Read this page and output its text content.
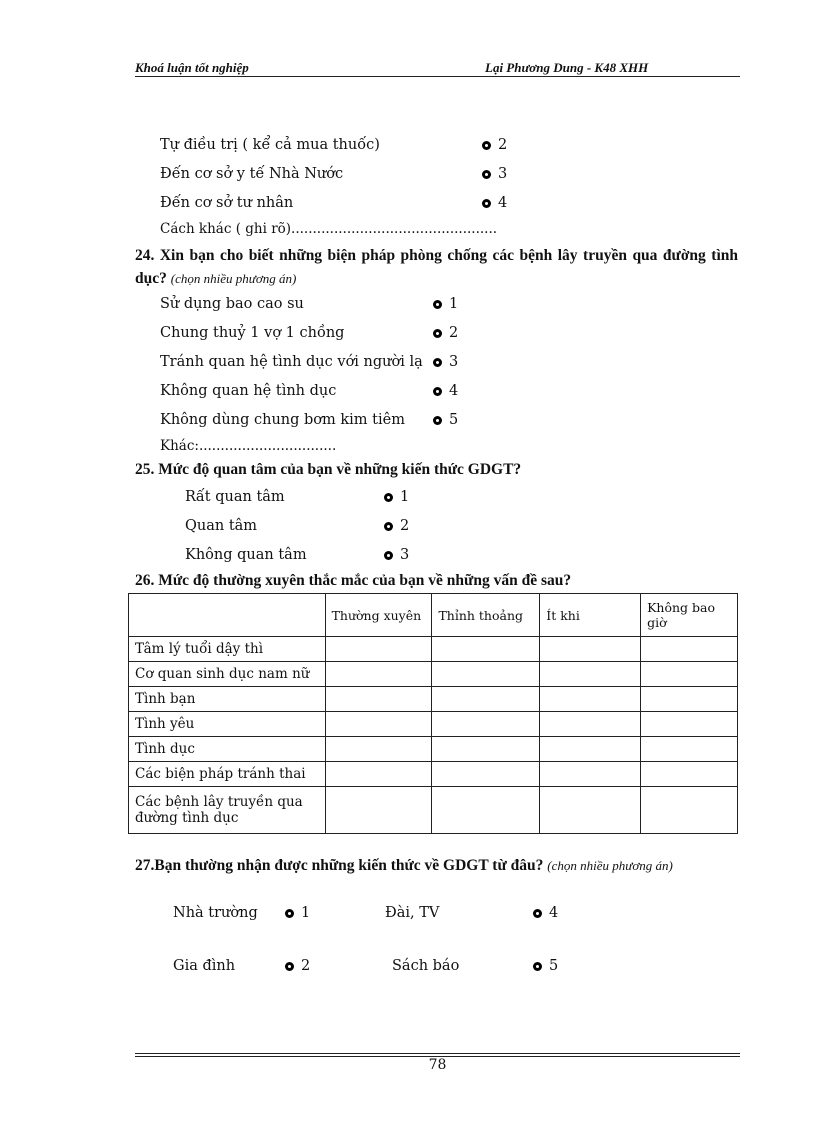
Khoá luận tốt nghiệp	Lại Phương Dung - K48 XHH
Tự điều trị ( kể cả mua thuốc)	2
Đến cơ sở y tế Nhà Nước	3
Đến cơ sở tư nhân	4
Cách khác ( ghi rõ)................................................
24. Xin bạn cho biết những biện pháp phòng chống các bệnh lây truyền qua đường tình dục? (chọn nhiều phương án)
Sử dụng bao cao su	1
Chung thuỷ 1 vợ 1 chồng	2
Tránh quan hệ tình dục với người lạ 3
Không quan hệ tình dục	4
Không dùng chung bơm kim tiêm	5
Khác:................................
25. Mức độ quan tâm của bạn về những kiến thức GDGT?
Rất quan tâm	1
Quan tâm	2
Không quan tâm	3
26. Mức độ thường xuyên thắc mắc của bạn về những vấn đề sau?
	Thường xuyên	Thỉnh thoảng	Ít khi	Không bao giờ
Tâm lý tuổi dậy thì				
Cơ quan sinh dục nam nữ				
Tình bạn				
Tình yêu				
Tình dục				
Các biện pháp tránh thai				
Các bệnh lây truyền qua đường tình dục				
27.Bạn thường nhận được những kiến thức về GDGT từ đâu? (chọn nhiều phương án)
Nhà trường	1
Gia đình	2
Đài, TV	4
Sách báo	5
78
